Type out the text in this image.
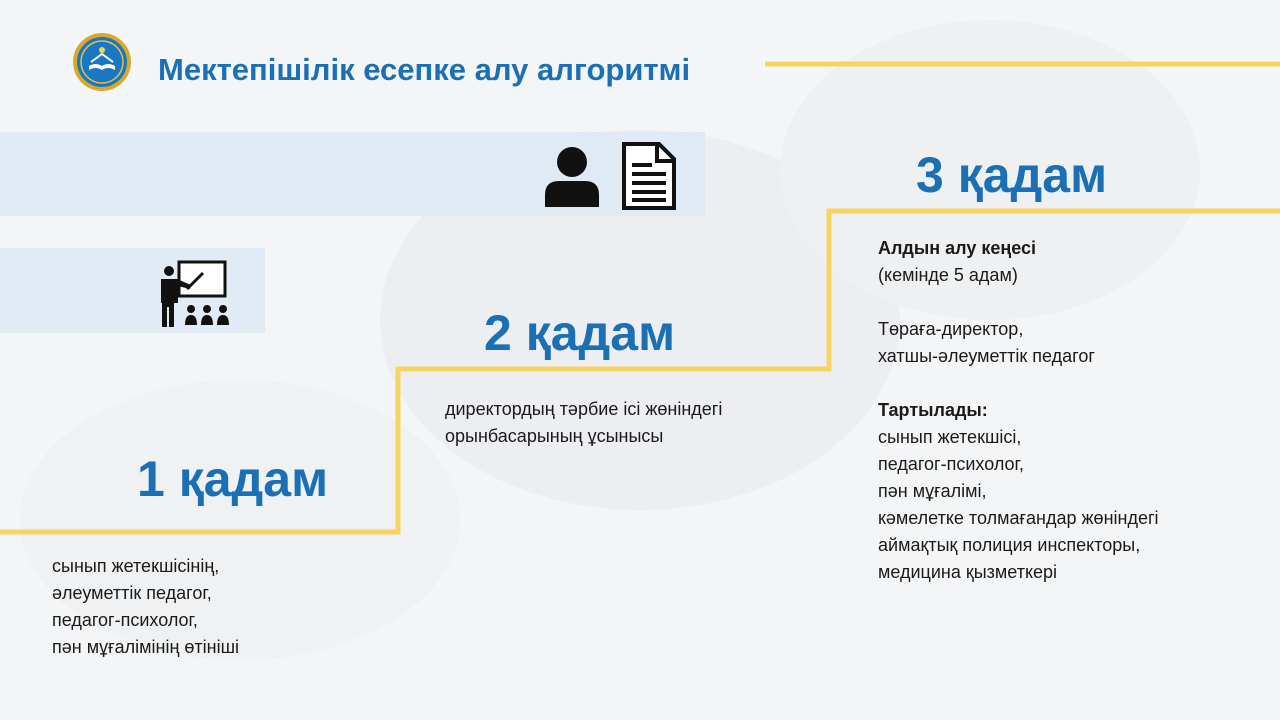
Мектепішілік есепке алу алгоритмі
1 қадам
2 қадам
3 қадам
сынып жетекшісінің,
әлеуметтік педагог,
педагог-психолог,
пән мұғалімінің өтініші
директордың тәрбие ісі жөніндегі
орынбасарының ұсынысы
Алдын алу кеңесі
(кемінде 5 адам)
Төраға-директор,
хатшы-әлеуметтік педагог
Тартылады:
сынып жетекшісі,
педагог-психолог,
пән мұғалімі,
кәмелетке толмағандар жөніндегі
аймақтық полиция инспекторы,
медицина қызметкері
